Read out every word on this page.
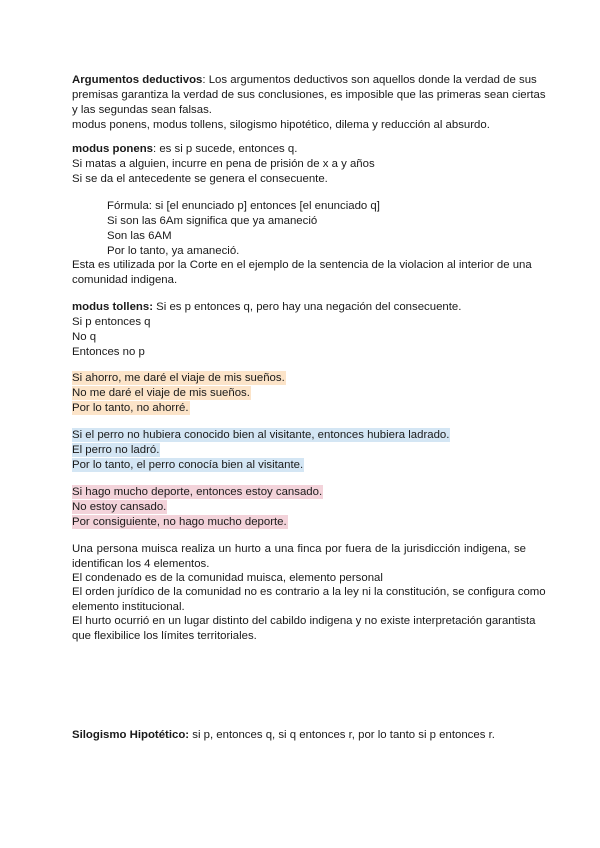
Argumentos deductivos: Los argumentos deductivos son aquellos donde la verdad de sus
premisas garantiza la verdad de sus conclusiones, es imposible que las primeras sean ciertas
y las segundas sean falsas.
modus ponens, modus tollens, silogismo hipotético, dilema y reducción al absurdo.
modus ponens: es si p sucede, entonces q.
Si matas a alguien, incurre en pena de prisión de x a y años
Si se da el antecedente se genera el consecuente.
Fórmula: si [el enunciado p] entonces [el enunciado q]
Si son las 6Am significa que ya amaneció
Son las 6AM
Por lo tanto, ya amaneció.
Esta es utilizada por la Corte en el ejemplo de la sentencia de la violacion al interior de una
comunidad indigena.
modus tollens: Si es p entonces q, pero hay una negación del consecuente.
Si p entonces q
No q
Entonces no p
Si ahorro, me daré el viaje de mis sueños.
No me daré el viaje de mis sueños.
Por lo tanto, no ahorré.
Si el perro no hubiera conocido bien al visitante, entonces hubiera ladrado.
El perro no ladró.
Por lo tanto, el perro conocía bien al visitante.
Si hago mucho deporte, entonces estoy cansado.
No estoy cansado.
Por consiguiente, no hago mucho deporte.
Una persona muisca realiza un hurto a una finca por fuera de la jurisdicción indigena, se
identifican los 4 elementos.
El condenado es de la comunidad muisca, elemento personal
El orden jurídico de la comunidad no es contrario a la ley ni la constitución, se configura como
elemento institucional.
El hurto ocurrió en un lugar distinto del cabildo indigena y no existe interpretación garantista
que flexibilice los límites territoriales.
Silogismo Hipotético: si p, entonces q, si q entonces r, por lo tanto si p entonces r.
